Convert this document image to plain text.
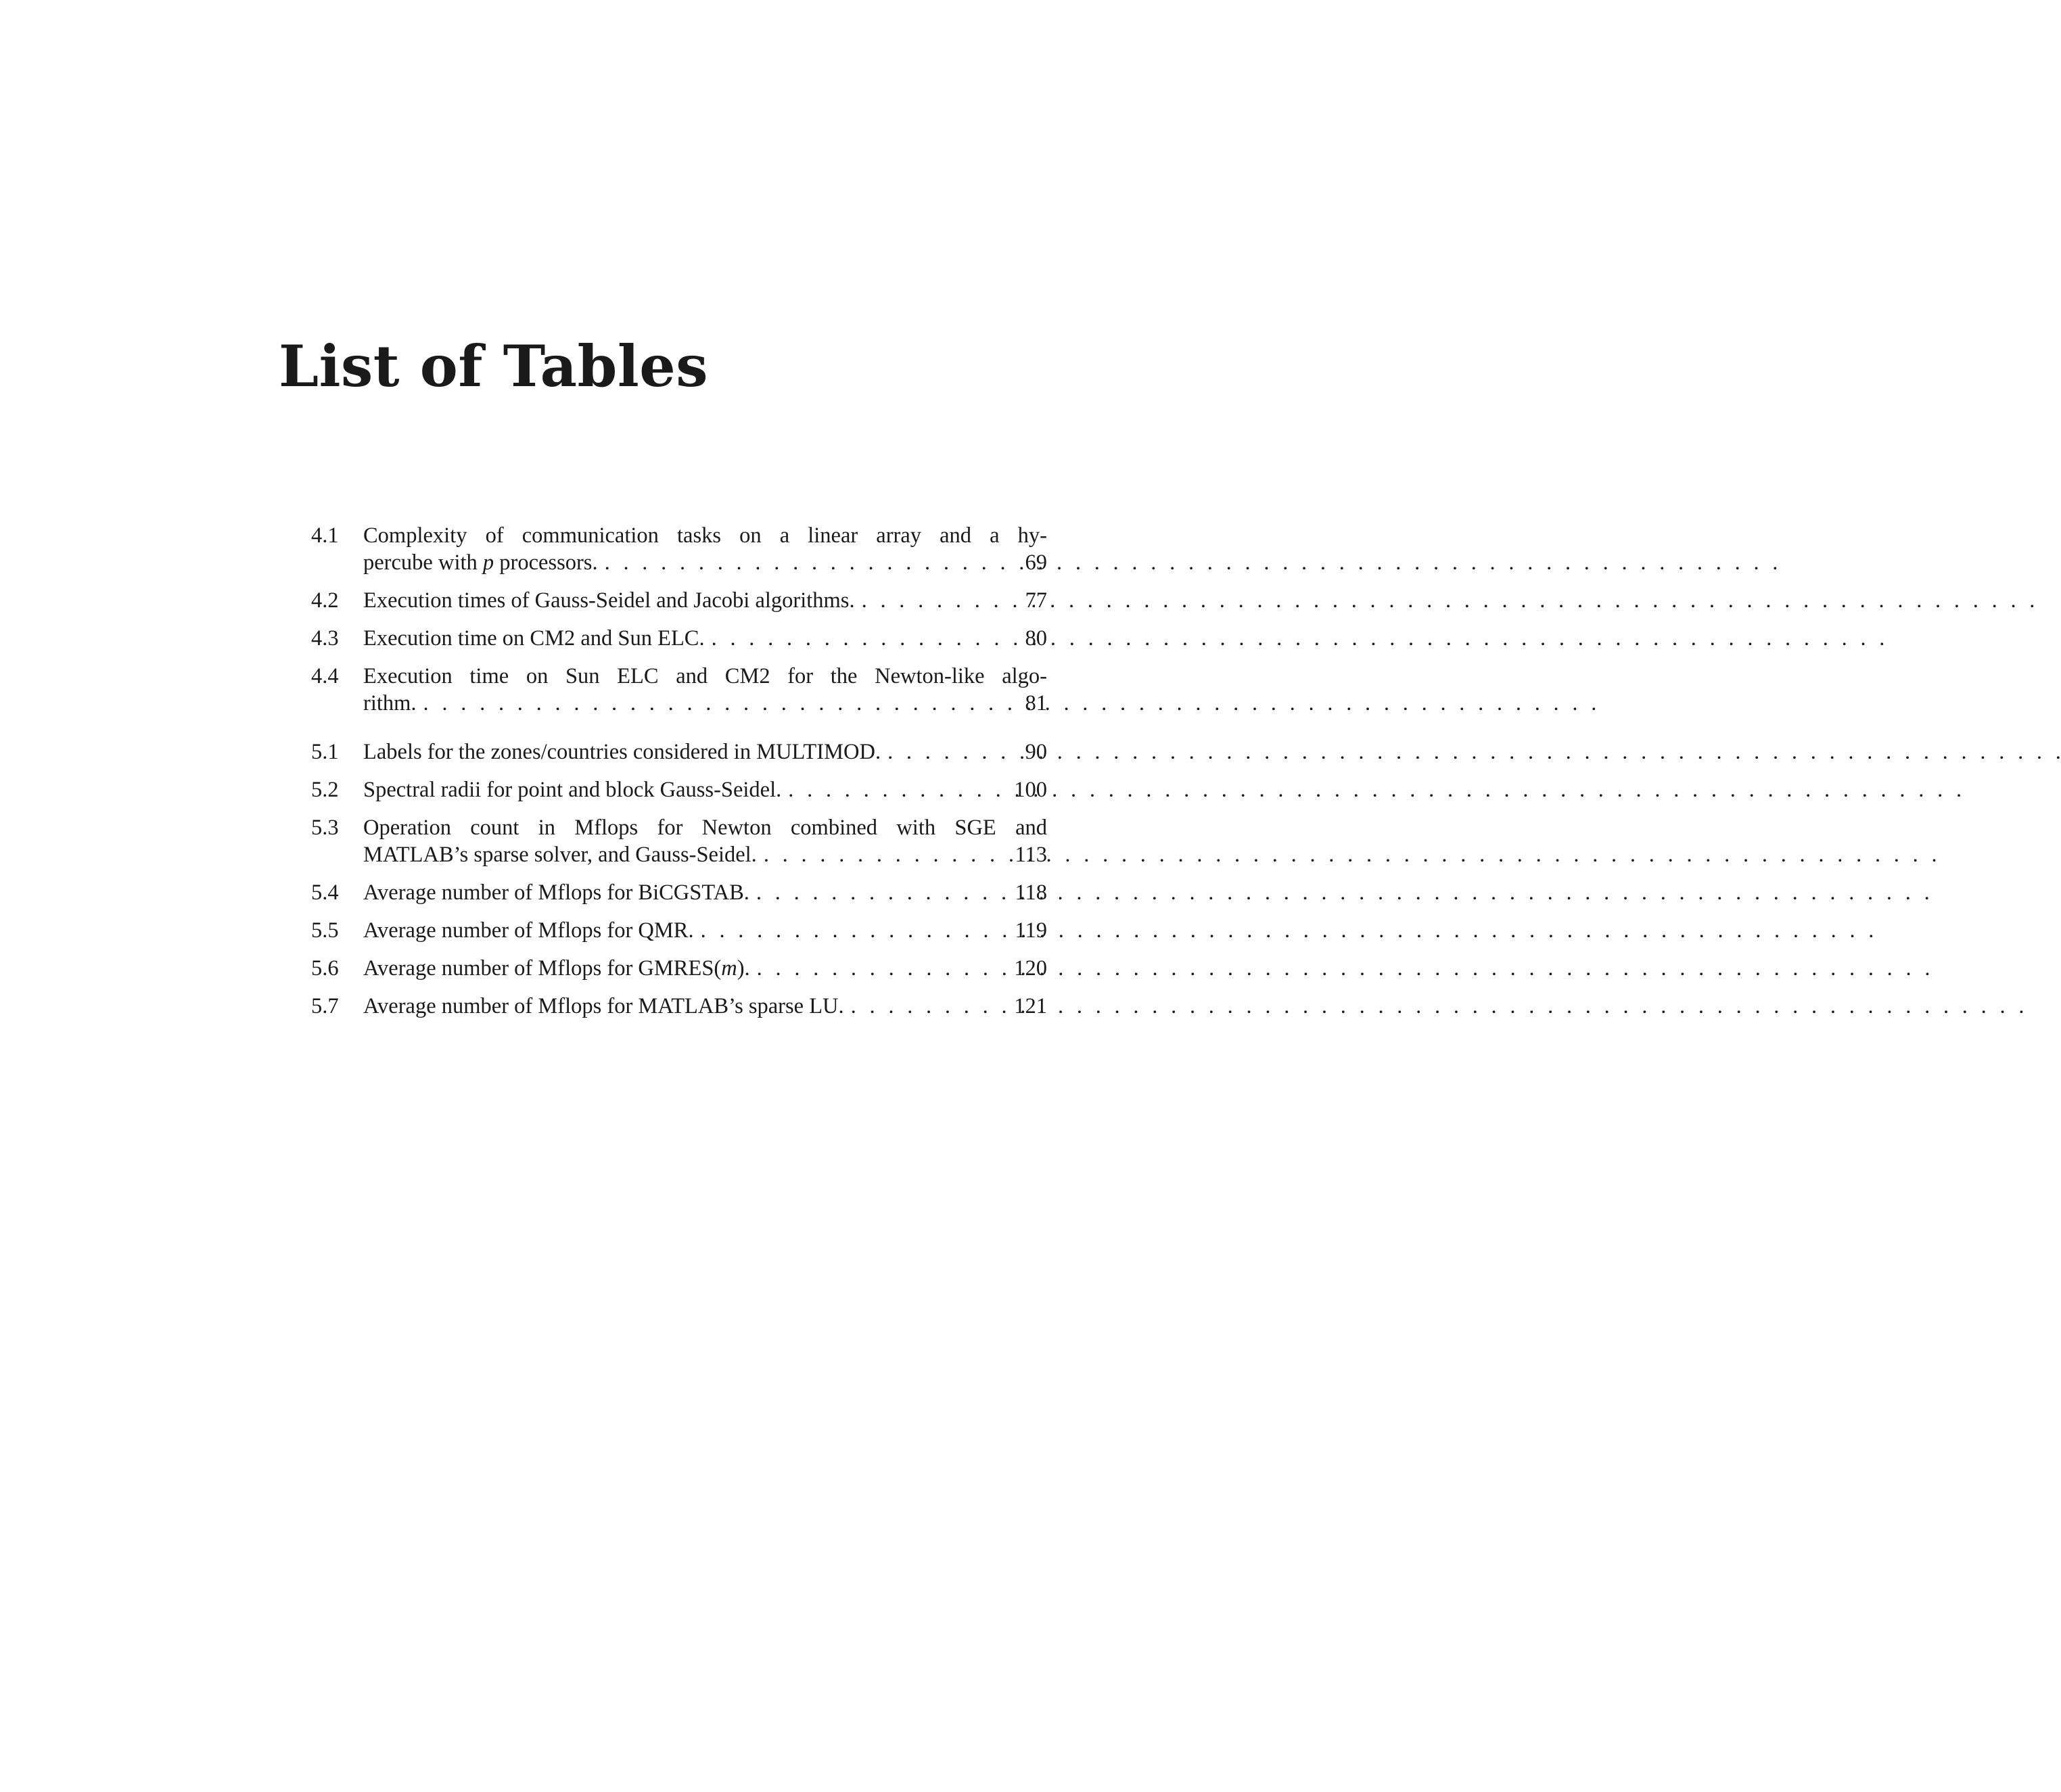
List of Tables
4.1	Complexity of communication tasks on a linear array and a hy-
percube with p processors. . . .	69
4.2	Execution times of Gauss-Seidel and Jacobi algorithms. . . .	77
4.3	Execution time on CM2 and Sun ELC. . . .	80
4.4	Execution time on Sun ELC and CM2 for the Newton-like algo-
rithm. . . .	81
5.1	Labels for the zones/countries considered in MULTIMOD. . . .	90
5.2	Spectral radii for point and block Gauss-Seidel. . . .	100
5.3	Operation count in Mflops for Newton combined with SGE and
MATLAB’s sparse solver, and Gauss-Seidel. . . .	113
5.4	Average number of Mflops for BiCGSTAB. . . .	118
5.5	Average number of Mflops for QMR. . . .	119
5.6	Average number of Mflops for GMRES(m). . . .	120
5.7	Average number of Mflops for MATLAB’s sparse LU. . . .	121
